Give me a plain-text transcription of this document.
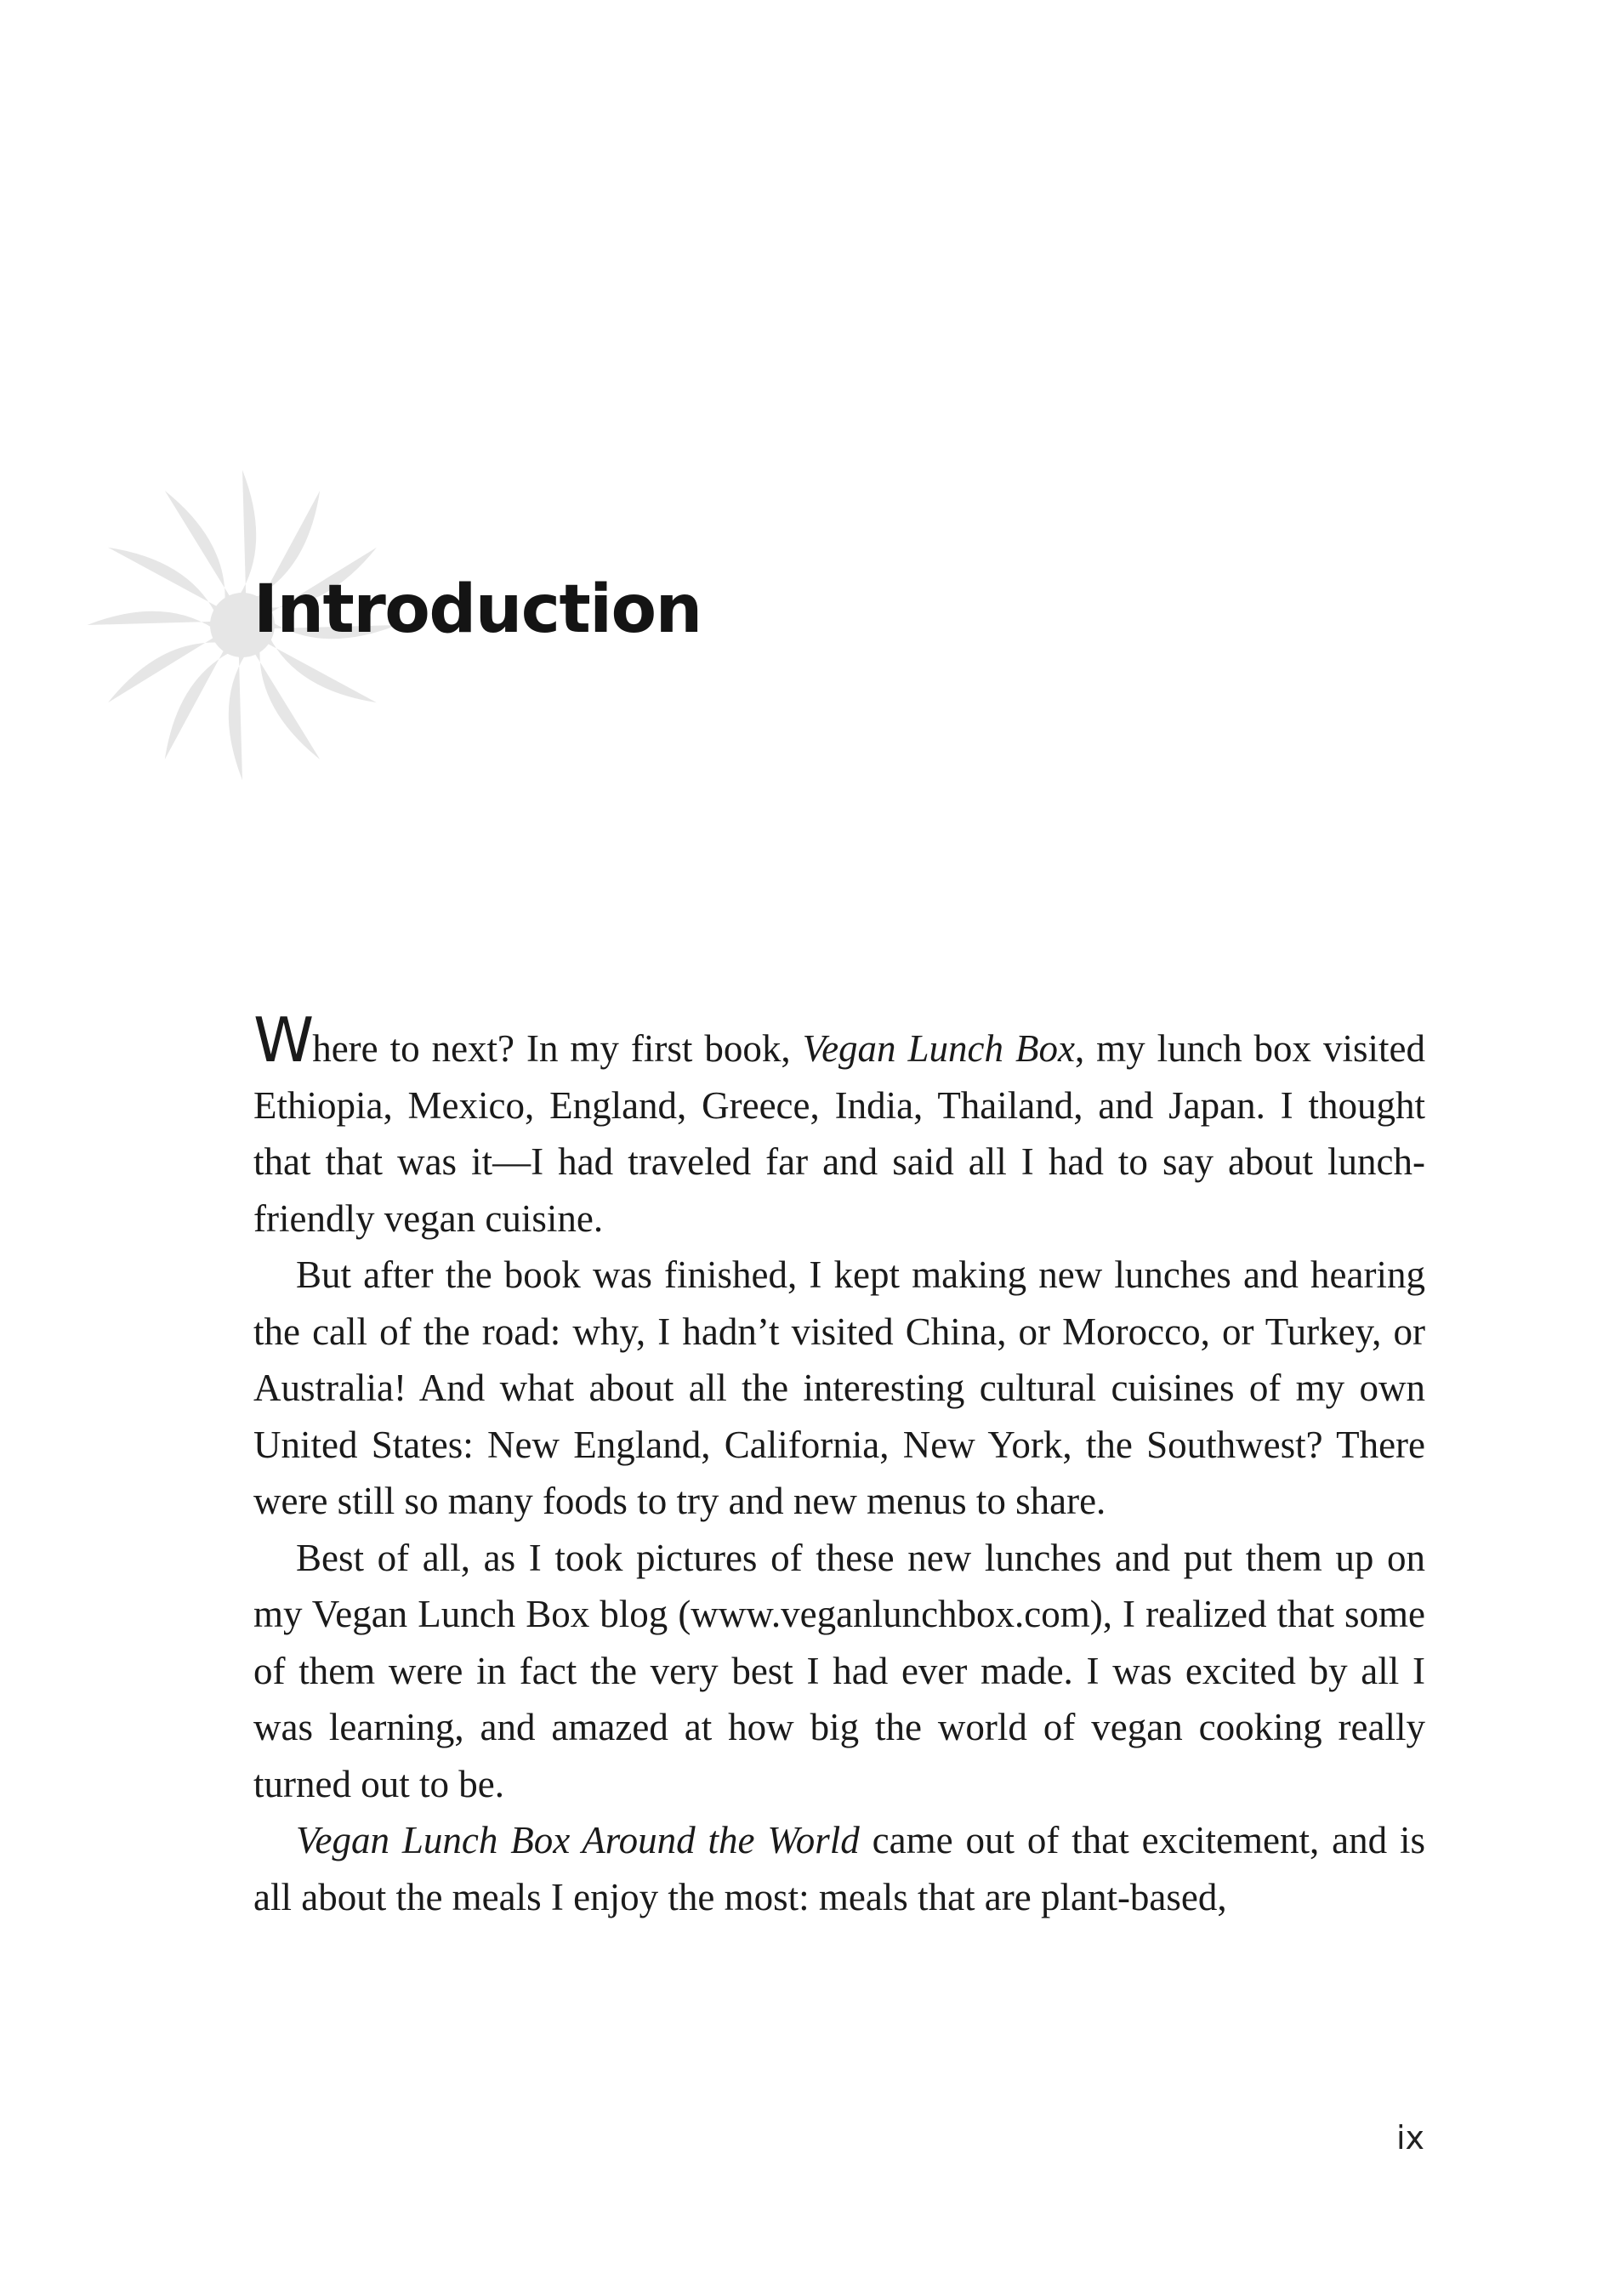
Introduction

Where to next? In my first book, Vegan Lunch Box, my lunch box visited Ethiopia, Mexico, England, Greece, India, Thailand, and Japan. I thought that that was it—I had traveled far and said all I had to say about lunch-friendly vegan cuisine.

But after the book was finished, I kept making new lunches and hearing the call of the road: why, I hadn’t visited China, or Morocco, or Turkey, or Australia! And what about all the interesting cultural cuisines of my own United States: New England, California, New York, the Southwest? There were still so many foods to try and new menus to share.

Best of all, as I took pictures of these new lunches and put them up on my Vegan Lunch Box blog (www.veganlunchbox.com), I realized that some of them were in fact the very best I had ever made. I was excited by all I was learning, and amazed at how big the world of vegan cooking really turned out to be.

Vegan Lunch Box Around the World came out of that excitement, and is all about the meals I enjoy the most: meals that are plant-based,

ix
